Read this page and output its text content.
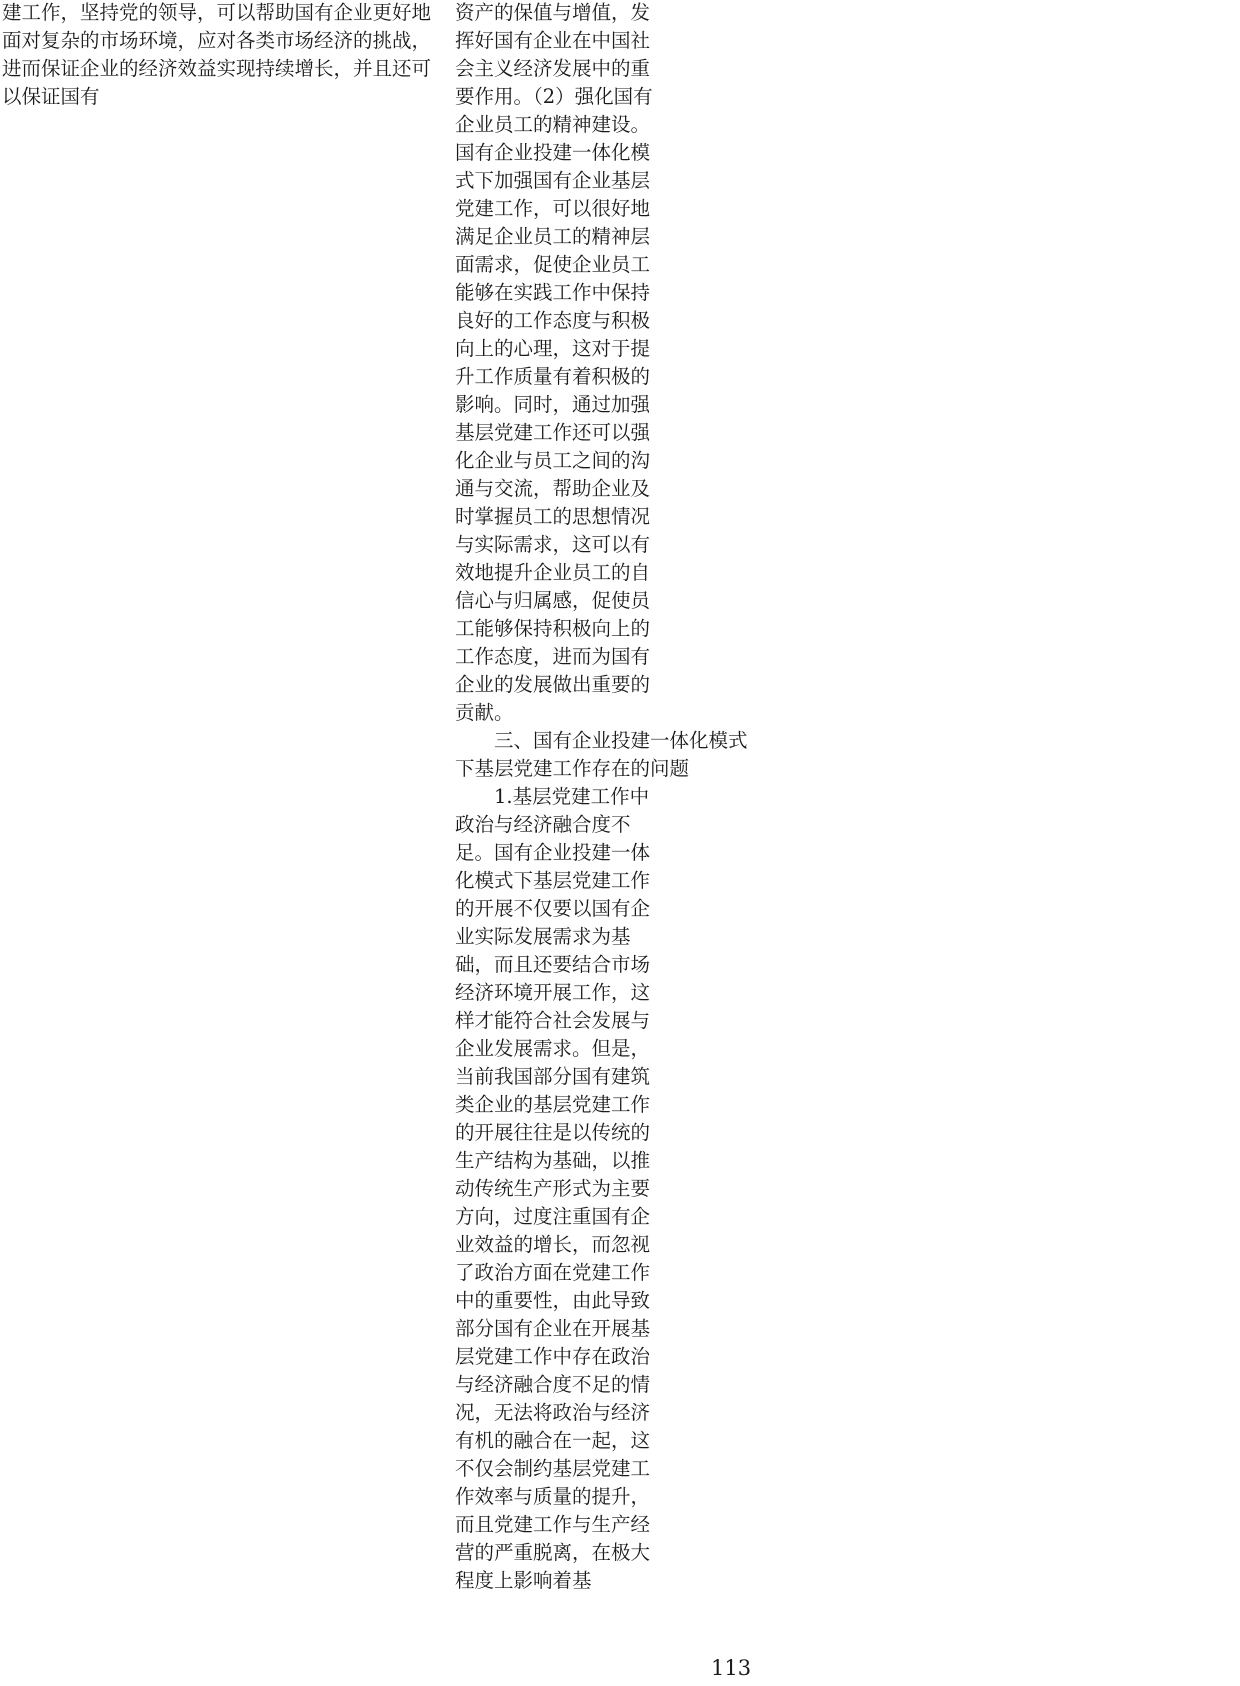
建工作，坚持党的领导，可以帮助国有企业更好地

面对复杂的市场环境，应对各类市场经济的挑战，

进而保证企业的经济效益实现持续增长，并且还可

以保证国有

资产的保值与增值，发

挥好国有企业在中国社

会主义经济发展中的重

要作用。（2）强化国有

企业员工的精神建设。

国有企业投建一体化模

式下加强国有企业基层

党建工作，可以很好地

满足企业员工的精神层

面需求，促使企业员工

能够在实践工作中保持

良好的工作态度与积极

向上的心理，这对于提

升工作质量有着积极的

影响。同时，通过加强

基层党建工作还可以强

化企业与员工之间的沟

通与交流，帮助企业及

时掌握员工的思想情况

与实际需求，这可以有

效地提升企业员工的自

信心与归属感，促使员

工能够保持积极向上的

工作态度，进而为国有

企业的发展做出重要的

贡献。

　　三、国有企业投建一体化模式

下基层党建工作存在的问题

　　1.基层党建工作中

政治与经济融合度不

足。国有企业投建一体

化模式下基层党建工作

的开展不仅要以国有企

业实际发展需求为基

础，而且还要结合市场

经济环境开展工作，这

样才能符合社会发展与

企业发展需求。但是，

当前我国部分国有建筑

类企业的基层党建工作

的开展往往是以传统的

生产结构为基础，以推

动传统生产形式为主要

方向，过度注重国有企

业效益的增长，而忽视

了政治方面在党建工作

中的重要性，由此导致

部分国有企业在开展基

层党建工作中存在政治

与经济融合度不足的情

况，无法将政治与经济

有机的融合在一起，这

不仅会制约基层党建工

作效率与质量的提升，

而且党建工作与生产经

营的严重脱离，在极大

程度上影响着基

113
